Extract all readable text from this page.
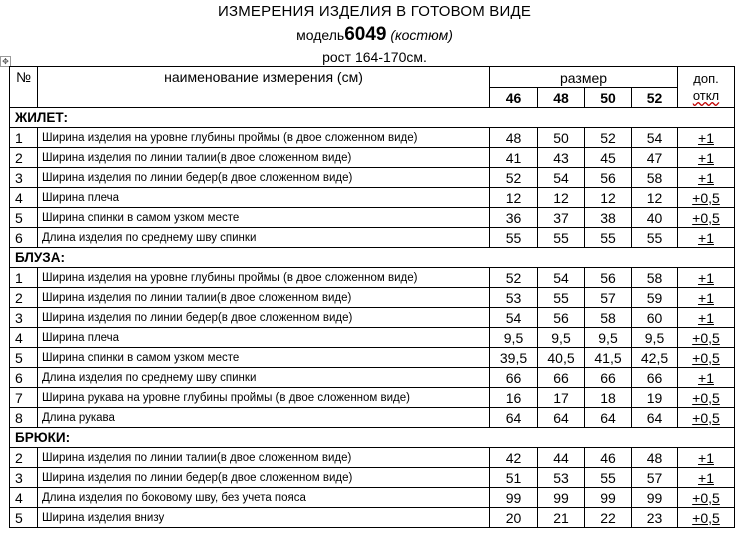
ИЗМЕРЕНИЯ ИЗДЕЛИЯ В ГОТОВОМ ВИДЕ
модель6049 (костюм)
рост 164-170см.
✥
№	наименование измерения (см)	размер				доп.
откл
		46	48	50	52	
ЖИЛЕТ:						
1	Ширина изделия на уровне глубины проймы (в двое сложенном виде)	48	50	52	54	+1
2	Ширина изделия по линии талии(в двое сложенном виде)	41	43	45	47	+1
3	Ширина изделия по линии бедер(в двое сложенном виде)	52	54	56	58	+1
4	Ширина плеча	12	12	12	12	+0,5
5	Ширина спинки в самом узком месте	36	37	38	40	+0,5
6	Длина изделия по среднему шву спинки	55	55	55	55	+1
БЛУЗА:						
1	Ширина изделия на уровне глубины проймы (в двое сложенном виде)	52	54	56	58	+1
2	Ширина изделия по линии талии(в двое сложенном виде)	53	55	57	59	+1
3	Ширина изделия по линии бедер(в двое сложенном виде)	54	56	58	60	+1
4	Ширина плеча	9,5	9,5	9,5	9,5	+0,5
5	Ширина спинки в самом узком месте	39,5	40,5	41,5	42,5	+0,5
6	Длина изделия по среднему шву спинки	66	66	66	66	+1
7	Ширина рукава на уровне глубины проймы (в двое сложенном виде)	16	17	18	19	+0,5
8	Длина рукава	64	64	64	64	+0,5
БРЮКИ:						
2	Ширина изделия по линии талии(в двое сложенном виде)	42	44	46	48	+1
3	Ширина изделия по линии бедер(в двое сложенном виде)	51	53	55	57	+1
4	Длина изделия по боковому шву, без учета пояса	99	99	99	99	+0,5
5	Ширина изделия внизу	20	21	22	23	+0,5
